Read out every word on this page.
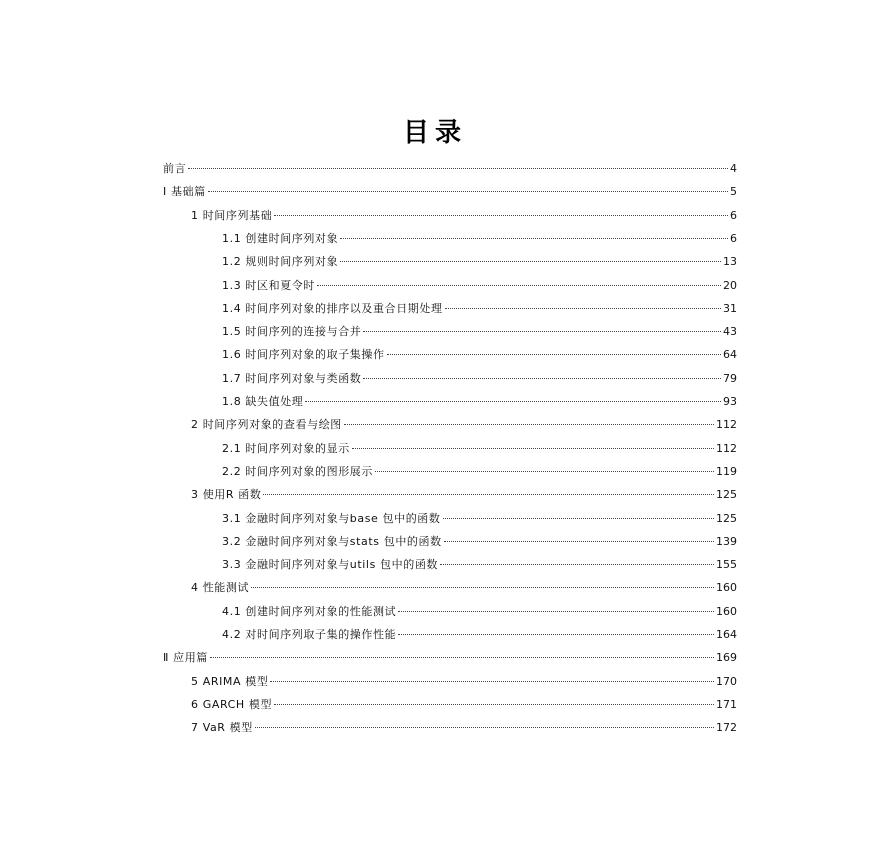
目录
前言	4
Ⅰ 基础篇	5
1 时间序列基础	6
1.1 创建时间序列对象	6
1.2 规则时间序列对象	13
1.3 时区和夏令时	20
1.4 时间序列对象的排序以及重合日期处理	31
1.5 时间序列的连接与合并	43
1.6 时间序列对象的取子集操作	64
1.7 时间序列对象与类函数	79
1.8 缺失值处理	93
2 时间序列对象的查看与绘图	112
2.1 时间序列对象的显示	112
2.2 时间序列对象的图形展示	119
3 使用R 函数	125
3.1 金融时间序列对象与base 包中的函数	125
3.2 金融时间序列对象与stats 包中的函数	139
3.3 金融时间序列对象与utils 包中的函数	155
4 性能测试	160
4.1 创建时间序列对象的性能测试	160
4.2 对时间序列取子集的操作性能	164
Ⅱ 应用篇	169
5 ARIMA 模型	170
6 GARCH 模型	171
7 VaR 模型	172
